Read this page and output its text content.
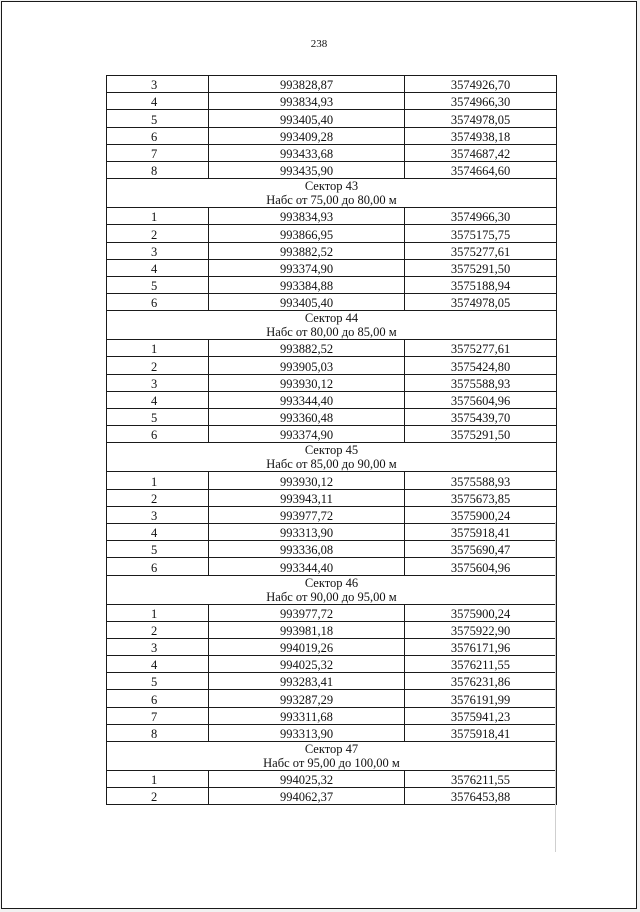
238
3	993828,87	3574926,70
4	993834,93	3574966,30
5	993405,40	3574978,05
6	993409,28	3574938,18
7	993433,68	3574687,42
8	993435,90	3574664,60

Сектор 43
Набс от 75,00 до 80,00 м		

1	993834,93	3574966,30
2	993866,95	3575175,75
3	993882,52	3575277,61
4	993374,90	3575291,50
5	993384,88	3575188,94
6	993405,40	3574978,05

Сектор 44
Набс от 80,00 до 85,00 м		

1	993882,52	3575277,61
2	993905,03	3575424,80
3	993930,12	3575588,93
4	993344,40	3575604,96
5	993360,48	3575439,70
6	993374,90	3575291,50

Сектор 45
Набс от 85,00 до 90,00 м		

1	993930,12	3575588,93
2	993943,11	3575673,85
3	993977,72	3575900,24
4	993313,90	3575918,41
5	993336,08	3575690,47
6	993344,40	3575604,96

Сектор 46
Набс от 90,00 до 95,00 м		

1	993977,72	3575900,24
2	993981,18	3575922,90
3	994019,26	3576171,96
4	994025,32	3576211,55
5	993283,41	3576231,86
6	993287,29	3576191,99
7	993311,68	3575941,23
8	993313,90	3575918,41

Сектор 47
Набс от 95,00 до 100,00 м		

1	994025,32	3576211,55
2	994062,37	3576453,88
